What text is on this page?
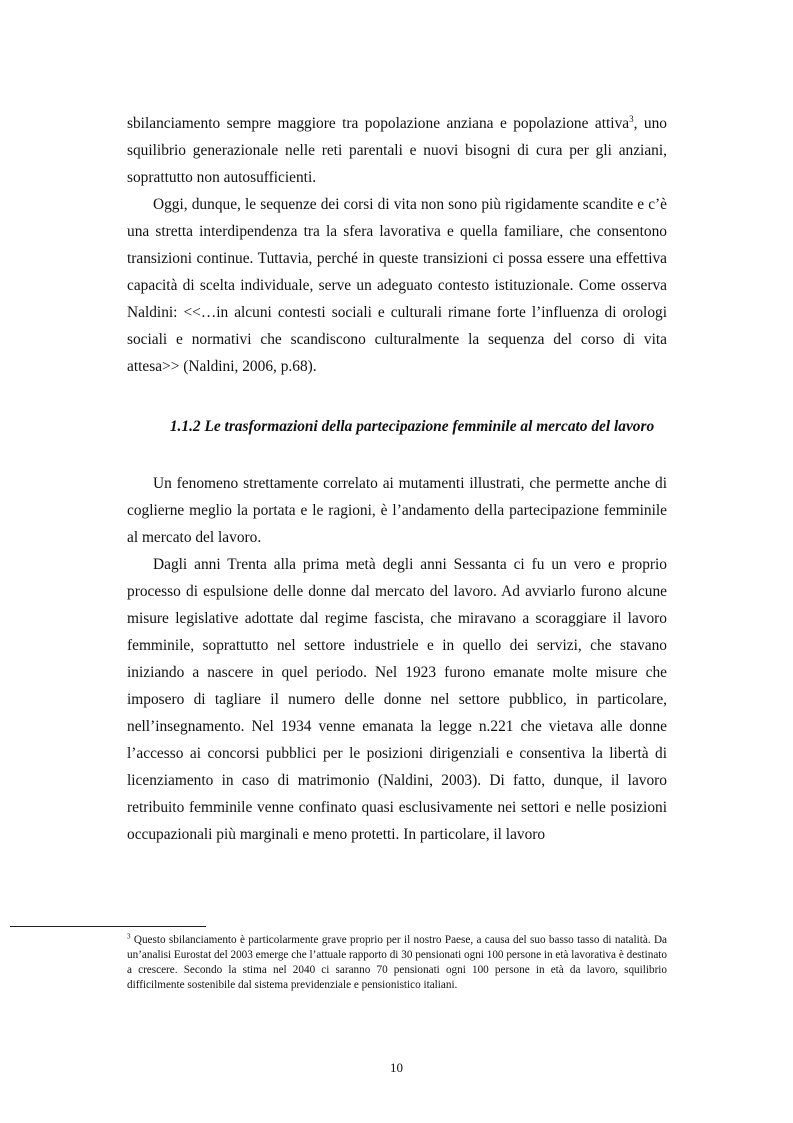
sbilanciamento sempre maggiore tra popolazione anziana e popolazione attiva$^3$, uno squilibrio generazionale nelle reti parentali e nuovi bisogni di cura per gli anziani, soprattutto non autosufficienti.

Oggi, dunque, le sequenze dei corsi di vita non sono più rigidamente scandite e c’è una stretta interdipendenza tra la sfera lavorativa e quella familiare, che consentono transizioni continue. Tuttavia, perché in queste transizioni ci possa essere una effettiva capacità di scelta individuale, serve un adeguato contesto istituzionale. Come osserva Naldini: <<…in alcuni contesti sociali e culturali rimane forte l’influenza di orologi sociali e normativi che scandiscono culturalmente la sequenza del corso di vita attesa>> (Naldini, 2006, p.68).

1.1.2 Le trasformazioni della partecipazione femminile al mercato del lavoro

Un fenomeno strettamente correlato ai mutamenti illustrati, che permette anche di coglierne meglio la portata e le ragioni, è l’andamento della partecipazione femminile al mercato del lavoro.

Dagli anni Trenta alla prima metà degli anni Sessanta ci fu un vero e proprio processo di espulsione delle donne dal mercato del lavoro. Ad avviarlo furono alcune misure legislative adottate dal regime fascista, che miravano a scoraggiare il lavoro femminile, soprattutto nel settore industriele e in quello dei servizi, che stavano iniziando a nascere in quel periodo. Nel 1923 furono emanate molte misure che imposero di tagliare il numero delle donne nel settore pubblico, in particolare, nell’insegnamento. Nel 1934 venne emanata la legge n.221 che vietava alle donne l’accesso ai concorsi pubblici per le posizioni dirigenziali e consentiva la libertà di licenziamento in caso di matrimonio (Naldini, 2003). Di fatto, dunque, il lavoro retribuito femminile venne confinato quasi esclusivamente nei settori e nelle posizioni occupazionali più marginali e meno protetti. In particolare, il lavoro

$^3$ Questo sbilanciamento è particolarmente grave proprio per il nostro Paese, a causa del suo basso tasso di natalità. Da un’analisi Eurostat del 2003 emerge che l’attuale rapporto di 30 pensionati ogni 100 persone in età lavorativa è destinato a crescere. Secondo la stima nel 2040 ci saranno 70 pensionati ogni 100 persone in età da lavoro, squilibrio difficilmente sostenibile dal sistema previdenziale e pensionistico italiani.

10
